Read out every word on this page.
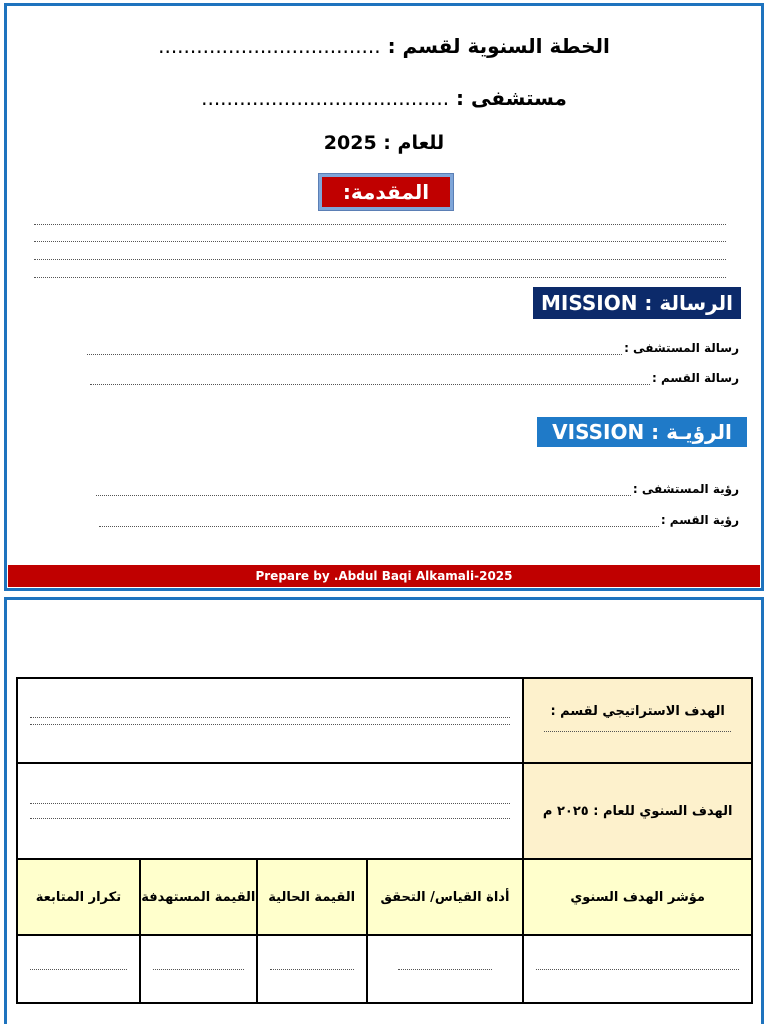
الخطة السنوية لقسم : ...................................
مستشفى : .......................................
للعام : 2025
المقدمة:
الرسالة : MISSION
رسالة المستشفى :
رسالة القسم :
الرؤيـة : VISSION
رؤية المستشفى :
رؤية القسم :
Prepare by .Abdul Baqi Alkamali-2025
الهدف الاستراتيجي لقسم :				

الهدف السنوي للعام : ٢٠٢٥ م				

مؤشر الهدف السنوي	أداة القياس/ التحقق	القيمة الحالية	القيمة المستهدفة	تكرار المتابعة
